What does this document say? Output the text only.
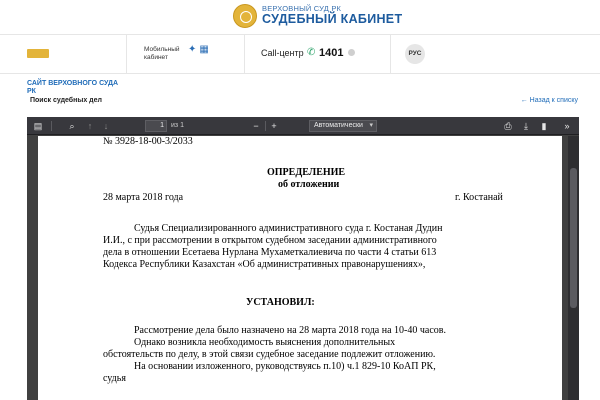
ВЕРХОВНЫЙ СУД РК
СУДЕБНЫЙ КАБИНЕТ
Мобильный кабинет
✦▦	Call-центр ✆ 1401	РУС
САЙТ ВЕРХОВНОГО СУДА РК
Поиск судебных дел	← Назад к списку
▤	⌕	↑	↓	1	из 1	−	+	Автоматически ▾	⎙	⤓	▮	»
№ 3928-18-00-3/2033
ОПРЕДЕЛЕНИЕ
об отложении
28 марта 2018 года	г. Костанай
Судья Специализированного административного суда г. Костаная Дудин
И.И., с при рассмотрении в открытом судебном заседании административного
дела в отношении Есетаева Нурлана Мухаметкалиевича по части 4 статьи 613
Кодекса Республики Казахстан «Об административных правонарушениях»,
УСТАНОВИЛ:
Рассмотрение дела было назначено на 28 марта 2018 года на 10-40 часов.
Однако возникла необходимость выяснения дополнительных
обстоятельств по делу, в этой связи судебное заседание подлежит отложению.
На основании изложенного, руководствуясь п.10) ч.1 829-10 КоАП РК,
судья
